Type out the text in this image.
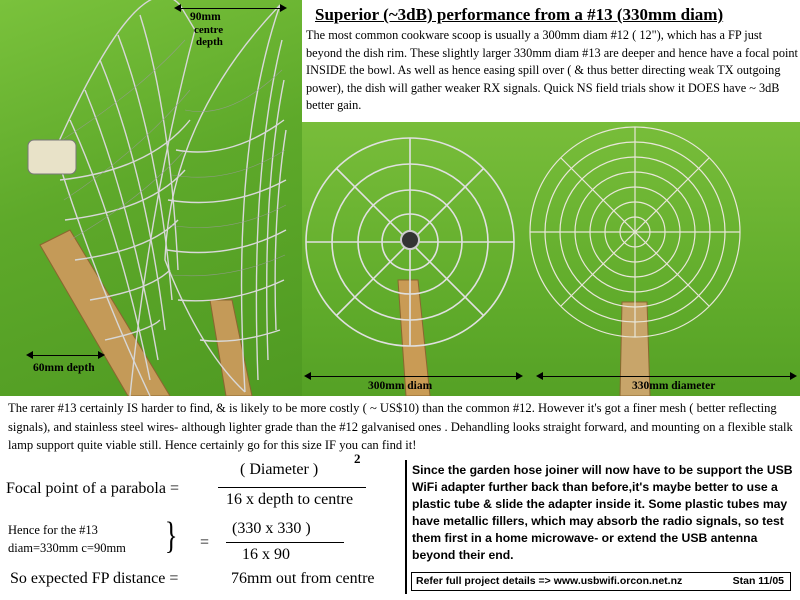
90mm
centre
depth
60mm depth
300mm diam	330mm diameter
Superior (~3dB) performance from a #13 (330mm diam)
The most common cookware scoop is usually a 300mm diam #12 ( 12"), which has a FP just beyond the dish rim. These slightly larger 330mm diam #13 are deeper and hence have a focal point INSIDE the bowl. As well as hence easing spill over ( & thus better directing weak TX outgoing power), the dish will gather weaker RX signals. Quick NS field trials show it DOES have ~ 3dB better gain.
The rarer #13 certainly IS harder to find, & is likely to be more costly ( ~ US$10) than the common #12. However it's got a finer mesh ( better reflecting signals), and stainless steel wires- although lighter grade than the #12 galvanised ones . Dehandling looks straight forward, and mounting on a flexible stalk lamp support quite viable still. Hence certainly go for this size IF you can find it!
Focal point of a parabola =
( Diameter )
2
16 x depth to centre
Hence for the #13
diam=330mm c=90mm } =
(330 x 330 )
16 x 90
So expected FP distance =	76mm out from centre
Since the garden hose joiner will now have to be support the USB WiFi adapter further back than before,it's maybe better to use a plastic tube & slide the adapter inside it. Some plastic tubes may have metallic fillers, which may absorb the radio signals, so test them first in a home microwave- or extend the USB antenna beyond their end.
Refer full project details => www.usbwifi.orcon.net.nz	Stan 11/05
